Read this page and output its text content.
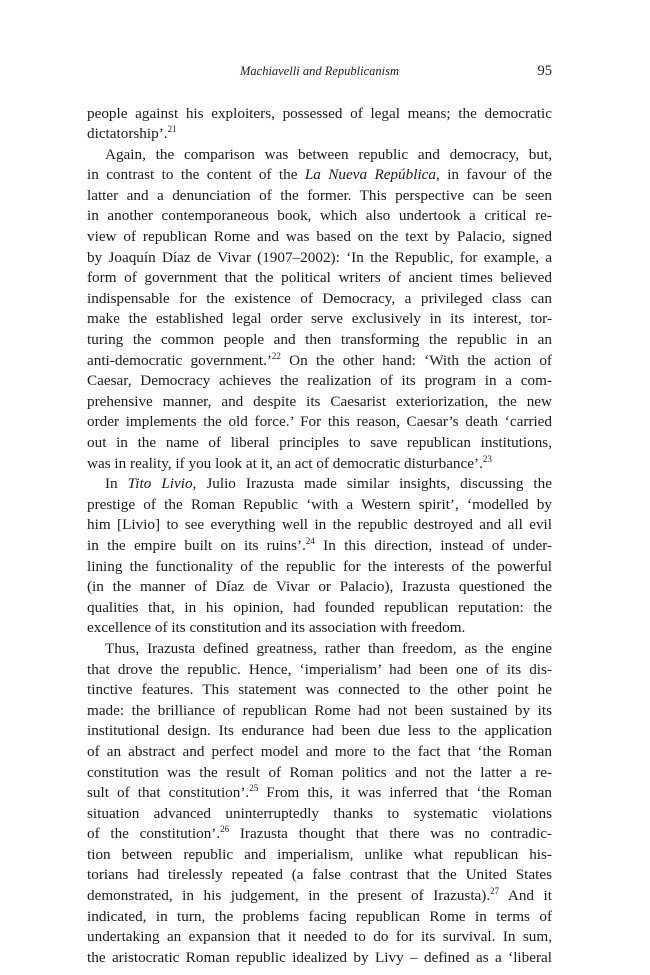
Machiavelli and Republicanism	95
people against his exploiters, possessed of legal means; the democratic
dictatorship’.$^{21}$
Again, the comparison was between republic and democracy, but,
in contrast to the content of the La Nueva República, in favour of the
latter and a denunciation of the former. This perspective can be seen
in another contemporaneous book, which also undertook a critical re-
view of republican Rome and was based on the text by Palacio, signed
by Joaquín Díaz de Vivar (1907–2002): ‘In the Republic, for example, a
form of government that the political writers of ancient times believed
indispensable for the existence of Democracy, a privileged class can
make the established legal order serve exclusively in its interest, tor-
turing the common people and then transforming the republic in an
anti-democratic government.’$^{22}$ On the other hand: ‘With the action of
Caesar, Democracy achieves the realization of its program in a com-
prehensive manner, and despite its Caesarist exteriorization, the new
order implements the old force.’ For this reason, Caesar’s death ‘carried
out in the name of liberal principles to save republican institutions,
was in reality, if you look at it, an act of democratic disturbance’.$^{23}$
In Tito Livio, Julio Irazusta made similar insights, discussing the
prestige of the Roman Republic ‘with a Western spirit’, ‘modelled by
him [Livio] to see everything well in the republic destroyed and all evil
in the empire built on its ruins’.$^{24}$ In this direction, instead of under-
lining the functionality of the republic for the interests of the powerful
(in the manner of Díaz de Vivar or Palacio), Irazusta questioned the
qualities that, in his opinion, had founded republican reputation: the
excellence of its constitution and its association with freedom.
Thus, Irazusta defined greatness, rather than freedom, as the engine
that drove the republic. Hence, ‘imperialism’ had been one of its dis-
tinctive features. This statement was connected to the other point he
made: the brilliance of republican Rome had not been sustained by its
institutional design. Its endurance had been due less to the application
of an abstract and perfect model and more to the fact that ‘the Roman
constitution was the result of Roman politics and not the latter a re-
sult of that constitution’.$^{25}$ From this, it was inferred that ‘the Roman
situation advanced uninterruptedly thanks to systematic violations
of the constitution’.$^{26}$ Irazusta thought that there was no contradic-
tion between republic and imperialism, unlike what republican his-
torians had tirelessly repeated (a false contrast that the United States
demonstrated, in his judgement, in the present of Irazusta).$^{27}$ And it
indicated, in turn, the problems facing republican Rome in terms of
undertaking an expansion that it needed to do for its survival. In sum,
the aristocratic Roman republic idealized by Livy – defined as a ‘liberal
